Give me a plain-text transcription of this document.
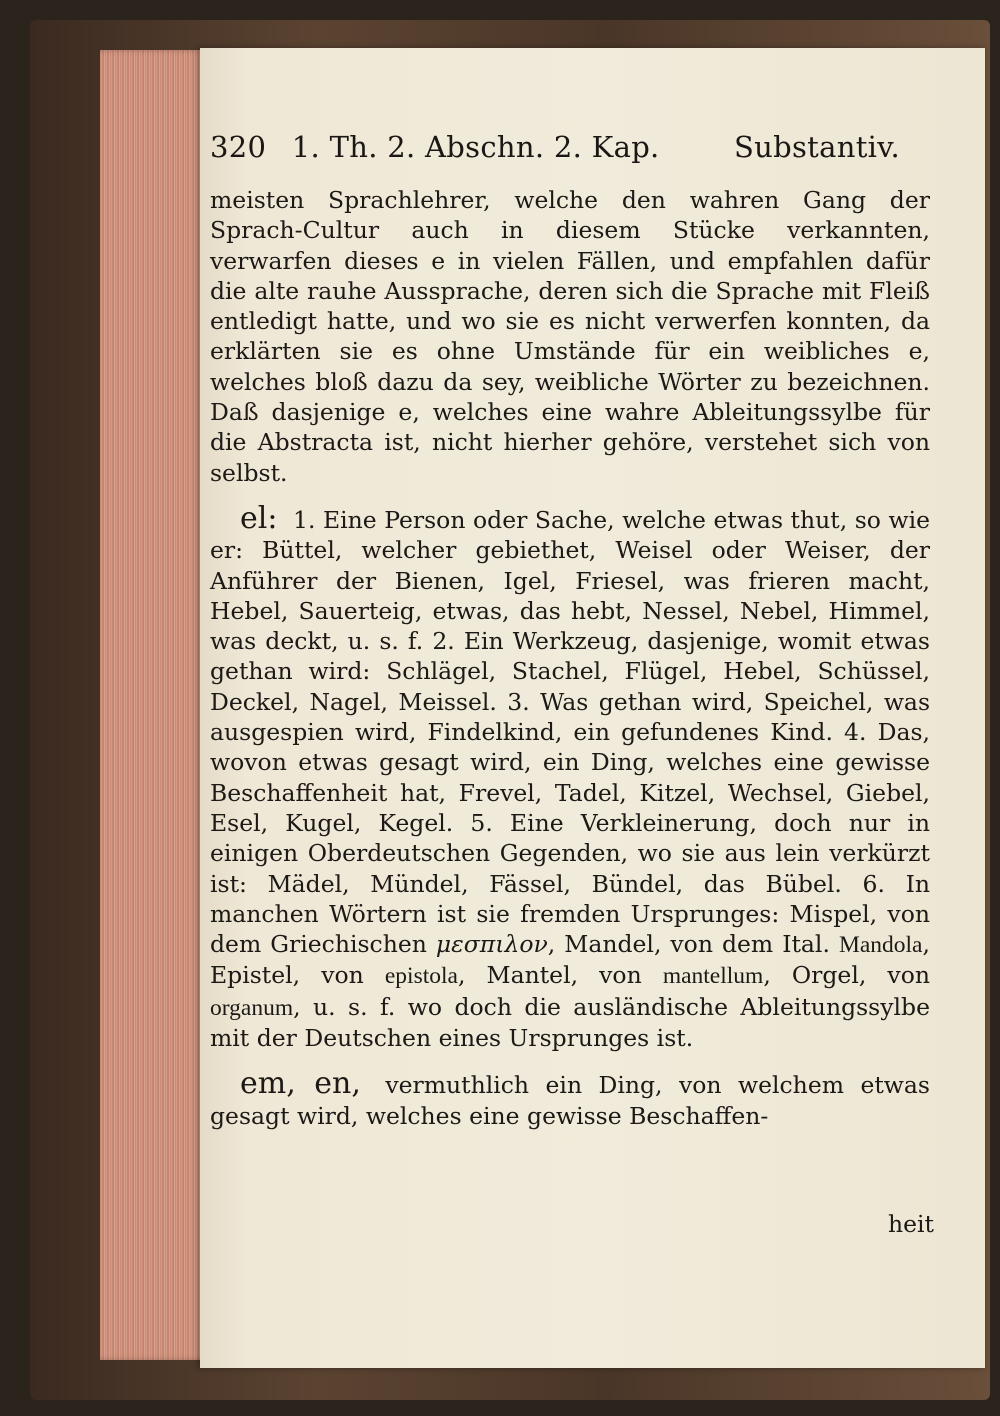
320 1. Th. 2. Abschn. 2. Kap.	Substantiv.

meisten Sprachlehrer, welche den wahren Gang der Sprach-Cultur auch in diesem Stücke verkannten, verwarfen dieses e in vielen Fällen, und empfahlen dafür die alte rauhe Aussprache, deren sich die Sprache mit Fleiß entledigt hatte, und wo sie es nicht verwerfen konnten, da erklärten sie es ohne Umstände für ein weibliches e, welches bloß dazu da sey, weibliche Wörter zu bezeichnen. Daß dasjenige e, welches eine wahre Ableitungssylbe für die Abstracta ist, nicht hierher gehöre, verstehet sich von selbst.

el: 1. Eine Person oder Sache, welche etwas thut, so wie er: Büttel, welcher gebiethet, Weisel oder Weiser, der Anführer der Bienen, Igel, Friesel, was frieren macht, Hebel, Sauerteig, etwas, das hebt, Nessel, Nebel, Himmel, was deckt, u. s. f. 2. Ein Werkzeug, dasjenige, womit etwas gethan wird: Schlägel, Stachel, Flügel, Hebel, Schüssel, Deckel, Nagel, Meissel. 3. Was gethan wird, Speichel, was ausgespien wird, Findelkind, ein gefundenes Kind. 4. Das, wovon etwas gesagt wird, ein Ding, welches eine gewisse Beschaffenheit hat, Frevel, Tadel, Kitzel, Wechsel, Giebel, Esel, Kugel, Kegel. 5. Eine Verkleinerung, doch nur in einigen Oberdeutschen Gegenden, wo sie aus lein verkürzt ist: Mädel, Mündel, Fässel, Bündel, das Bübel. 6. In manchen Wörtern ist sie fremden Ursprunges: Mispel, von dem Griechischen μεσπιλον, Mandel, von dem Ital. Mandola, Epistel, von epistola, Mantel, von mantellum, Orgel, von organum, u. s. f. wo doch die ausländische Ableitungssylbe mit der Deutschen eines Ursprunges ist.

em, en, vermuthlich ein Ding, von welchem etwas gesagt wird, welches eine gewisse Beschaffen-

heit
